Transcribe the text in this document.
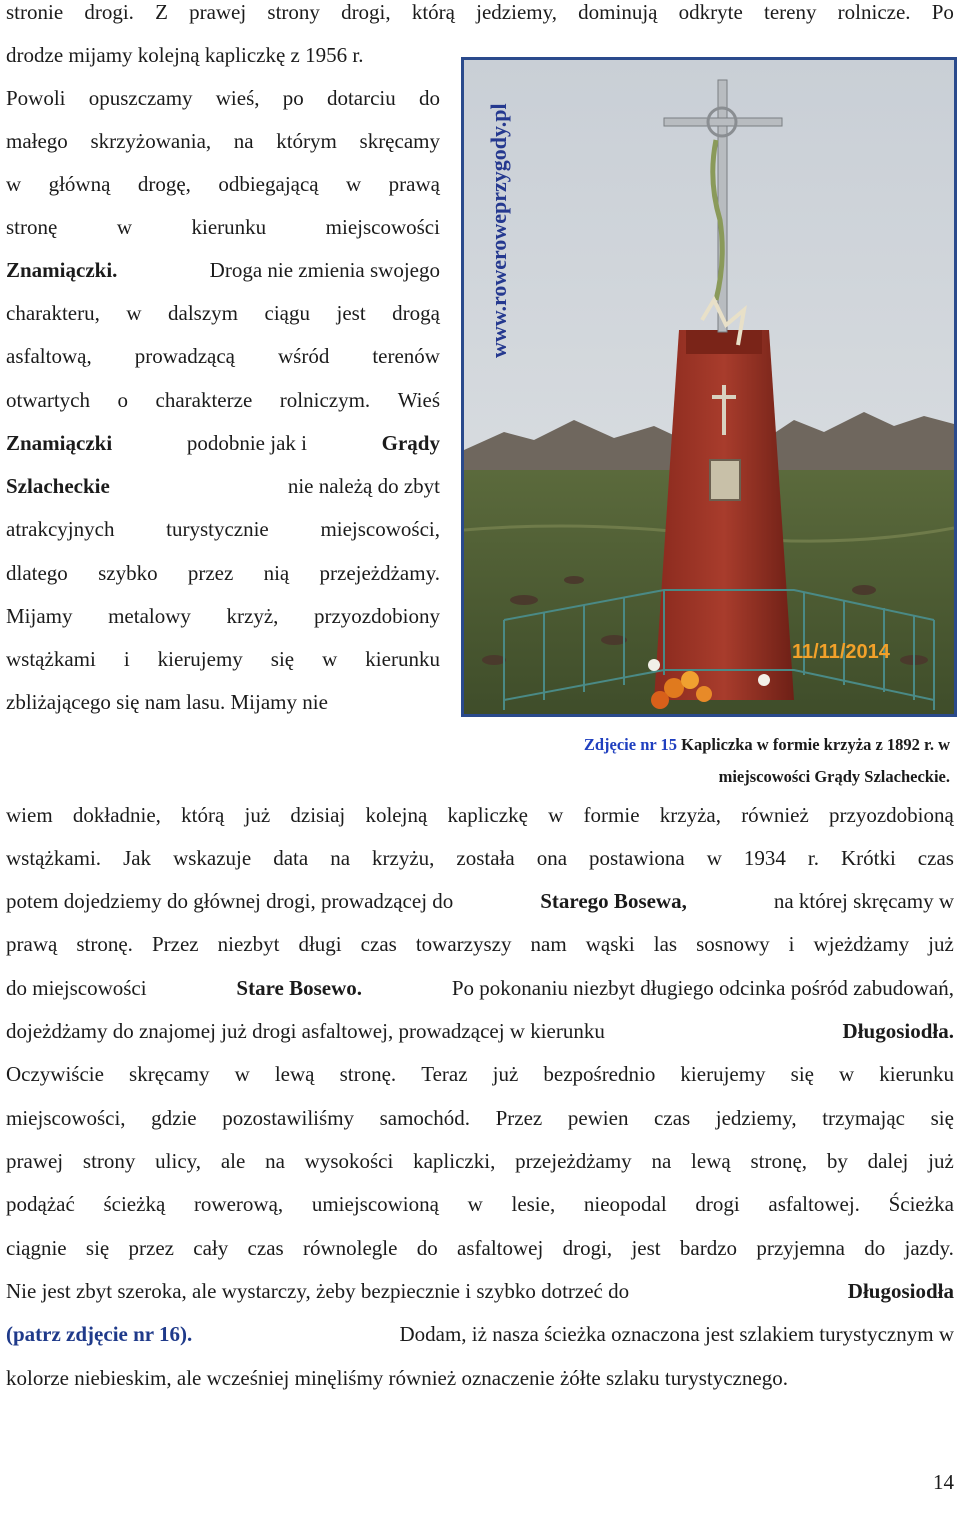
stronie drogi. Z prawej strony drogi, którą jedziemy, dominują odkryte tereny rolnicze. Po
drodze mijamy kolejną kapliczkę z 1956 r.
Powoli opuszczamy wieś, po dotarciu do
małego skrzyżowania, na którym skręcamy
w główną drogę, odbiegającą w prawą
stronę	w	kierunku	miejscowości
Znamiączki.	Droga nie zmienia swojego
charakteru, w dalszym ciągu jest drogą
asfaltową, prowadzącą wśród terenów
otwartych o charakterze rolniczym. Wieś
Znamiączki	podobnie jak i	Grądy
Szlacheckie	nie należą do zbyt
atrakcyjnych turystycznie miejscowości,
dlatego szybko przez nią przejeżdżamy.
Mijamy metalowy krzyż, przyozdobiony
wstążkami i kierujemy się w kierunku
zbliżającego się nam lasu. Mijamy nie
11/11/2014
www.roweroweprzygody.pl
Zdjęcie nr 15 Kapliczka w formie krzyża z 1892 r. w
miejscowości Grądy Szlacheckie.
wiem dokładnie, którą już dzisiaj kolejną kapliczkę w formie krzyża, również przyozdobioną
wstążkami. Jak wskazuje data na krzyżu, została ona postawiona w 1934 r. Krótki czas
potem dojedziemy do głównej drogi, prowadzącej do	Starego Bosewa,	na której skręcamy w
prawą stronę. Przez niezbyt długi czas towarzyszy nam wąski las sosnowy i wjeżdżamy już
do miejscowości	Stare Bosewo.	Po pokonaniu niezbyt długiego odcinka pośród zabudowań,
dojeżdżamy do znajomej już drogi asfaltowej, prowadzącej w kierunku	Długosiodła.
Oczywiście skręcamy w lewą stronę. Teraz już bezpośrednio kierujemy się w kierunku
miejscowości, gdzie pozostawiliśmy samochód. Przez pewien czas jedziemy, trzymając się
prawej strony ulicy, ale na wysokości kapliczki, przejeżdżamy na lewą stronę, by dalej już
podążać ścieżką rowerową, umiejscowioną w lesie, nieopodal drogi asfaltowej. Ścieżka
ciągnie się przez cały czas równolegle do asfaltowej drogi, jest bardzo przyjemna do jazdy.
Nie jest zbyt szeroka, ale wystarczy, żeby bezpiecznie i szybko dotrzeć do	Długosiodła
(patrz zdjęcie nr 16).	Dodam, iż nasza ścieżka oznaczona jest szlakiem turystycznym w
kolorze niebieskim, ale wcześniej minęliśmy również oznaczenie żółte szlaku turystycznego.
14
